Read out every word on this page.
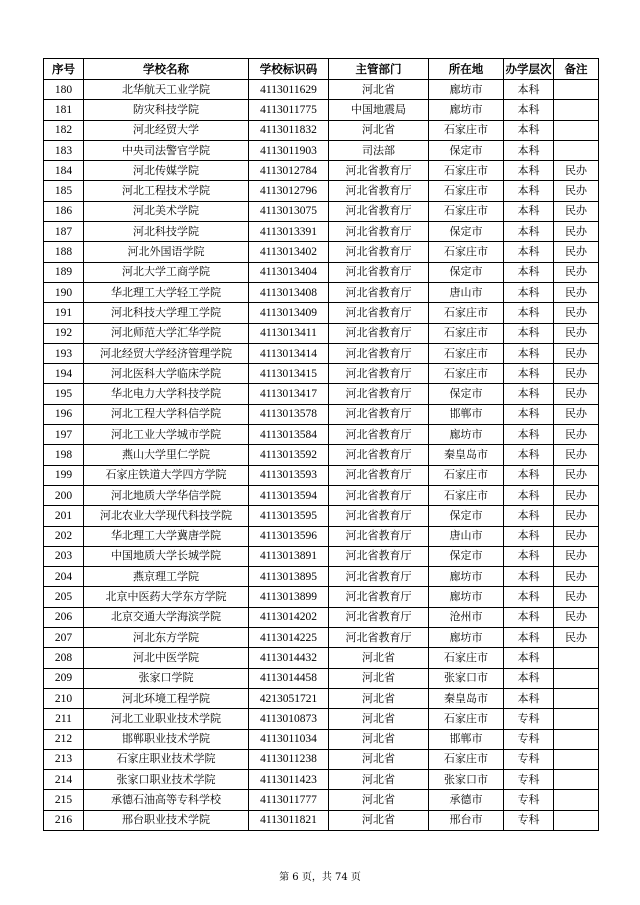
序号	学校名称	学校标识码	主管部门	所在地	办学层次	备注
180	北华航天工业学院	4113011629	河北省	廊坊市	本科	
181	防灾科技学院	4113011775	中国地震局	廊坊市	本科	
182	河北经贸大学	4113011832	河北省	石家庄市	本科	
183	中央司法警官学院	4113011903	司法部	保定市	本科	
184	河北传媒学院	4113012784	河北省教育厅	石家庄市	本科	民办
185	河北工程技术学院	4113012796	河北省教育厅	石家庄市	本科	民办
186	河北美术学院	4113013075	河北省教育厅	石家庄市	本科	民办
187	河北科技学院	4113013391	河北省教育厅	保定市	本科	民办
188	河北外国语学院	4113013402	河北省教育厅	石家庄市	本科	民办
189	河北大学工商学院	4113013404	河北省教育厅	保定市	本科	民办
190	华北理工大学轻工学院	4113013408	河北省教育厅	唐山市	本科	民办
191	河北科技大学理工学院	4113013409	河北省教育厅	石家庄市	本科	民办
192	河北师范大学汇华学院	4113013411	河北省教育厅	石家庄市	本科	民办
193	河北经贸大学经济管理学院	4113013414	河北省教育厅	石家庄市	本科	民办
194	河北医科大学临床学院	4113013415	河北省教育厅	石家庄市	本科	民办
195	华北电力大学科技学院	4113013417	河北省教育厅	保定市	本科	民办
196	河北工程大学科信学院	4113013578	河北省教育厅	邯郸市	本科	民办
197	河北工业大学城市学院	4113013584	河北省教育厅	廊坊市	本科	民办
198	燕山大学里仁学院	4113013592	河北省教育厅	秦皇岛市	本科	民办
199	石家庄铁道大学四方学院	4113013593	河北省教育厅	石家庄市	本科	民办
200	河北地质大学华信学院	4113013594	河北省教育厅	石家庄市	本科	民办
201	河北农业大学现代科技学院	4113013595	河北省教育厅	保定市	本科	民办
202	华北理工大学冀唐学院	4113013596	河北省教育厅	唐山市	本科	民办
203	中国地质大学长城学院	4113013891	河北省教育厅	保定市	本科	民办
204	燕京理工学院	4113013895	河北省教育厅	廊坊市	本科	民办
205	北京中医药大学东方学院	4113013899	河北省教育厅	廊坊市	本科	民办
206	北京交通大学海滨学院	4113014202	河北省教育厅	沧州市	本科	民办
207	河北东方学院	4113014225	河北省教育厅	廊坊市	本科	民办
208	河北中医学院	4113014432	河北省	石家庄市	本科	
209	张家口学院	4113014458	河北省	张家口市	本科	
210	河北环境工程学院	4213051721	河北省	秦皇岛市	本科	
211	河北工业职业技术学院	4113010873	河北省	石家庄市	专科	
212	邯郸职业技术学院	4113011034	河北省	邯郸市	专科	
213	石家庄职业技术学院	4113011238	河北省	石家庄市	专科	
214	张家口职业技术学院	4113011423	河北省	张家口市	专科	
215	承德石油高等专科学校	4113011777	河北省	承德市	专科	
216	邢台职业技术学院	4113011821	河北省	邢台市	专科	
第 6 页，共 74 页
